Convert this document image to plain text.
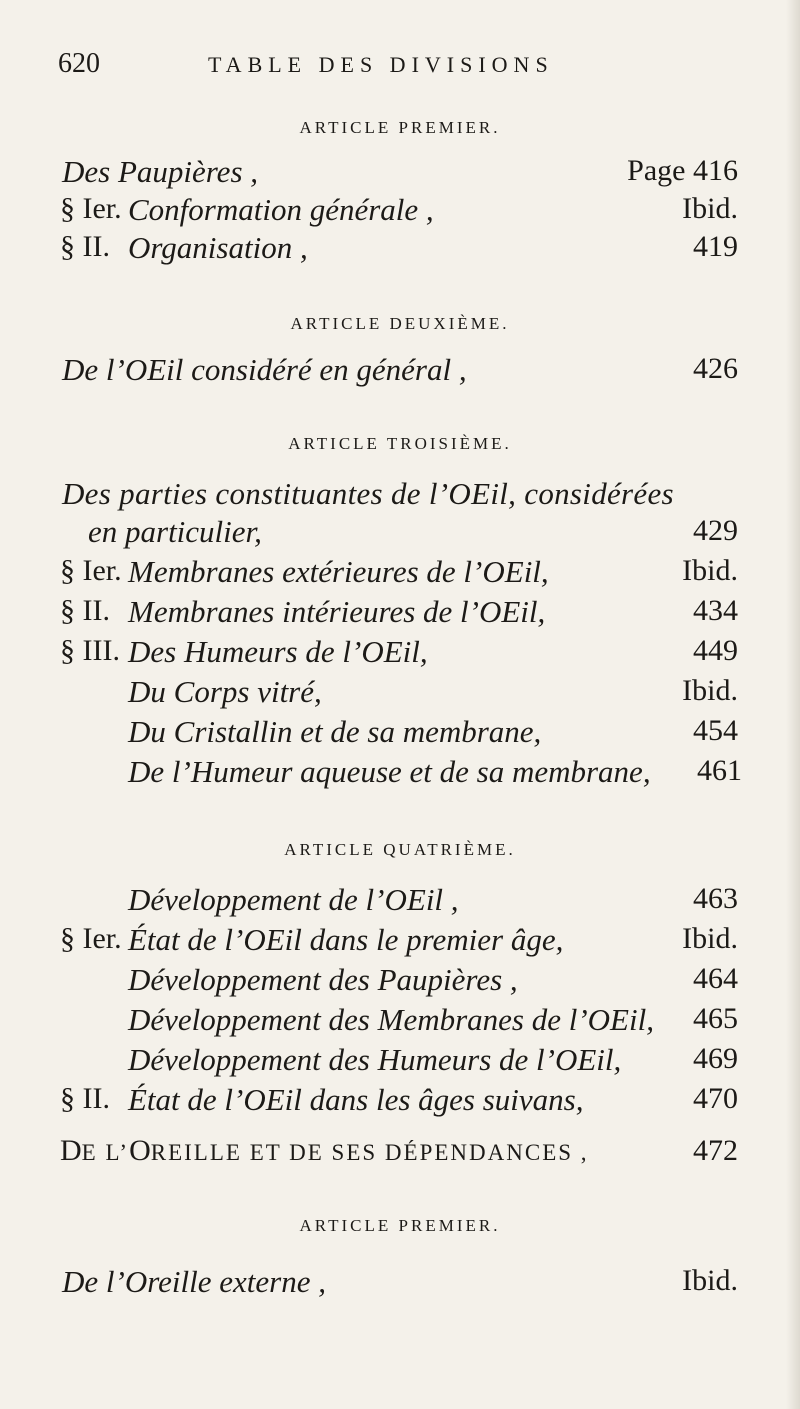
620	TABLE DES DIVISIONS
ARTICLE PREMIER.
Des Paupières ,	Page 416
§ Ier. Conformation générale ,	Ibid.
§ II. Organisation ,	419
ARTICLE DEUXIÈME.
De l’OEil considéré en général ,	426
ARTICLE TROISIÈME.
Des parties constituantes de l’OEil, considérées
en particulier,	429
§ Ier. Membranes extérieures de l’OEil,	Ibid.
§ II. Membranes intérieures de l’OEil,	434
§ III. Des Humeurs de l’OEil,	449
Du Corps vitré,	Ibid.
Du Cristallin et de sa membrane,	454
De l’Humeur aqueuse et de sa membrane, 461
ARTICLE QUATRIÈME.
Développement de l’OEil ,	463
§ Ier. État de l’OEil dans le premier âge,	Ibid.
Développement des Paupières ,	464
Développement des Membranes de l’OEil, 465
Développement des Humeurs de l’OEil, 469
§ II. État de l’OEil dans les âges suivans,	470
DE L’OREILLE ET DE SES DÉPENDANCES ,	472
ARTICLE PREMIER.
De l’Oreille externe ,	Ibid.
